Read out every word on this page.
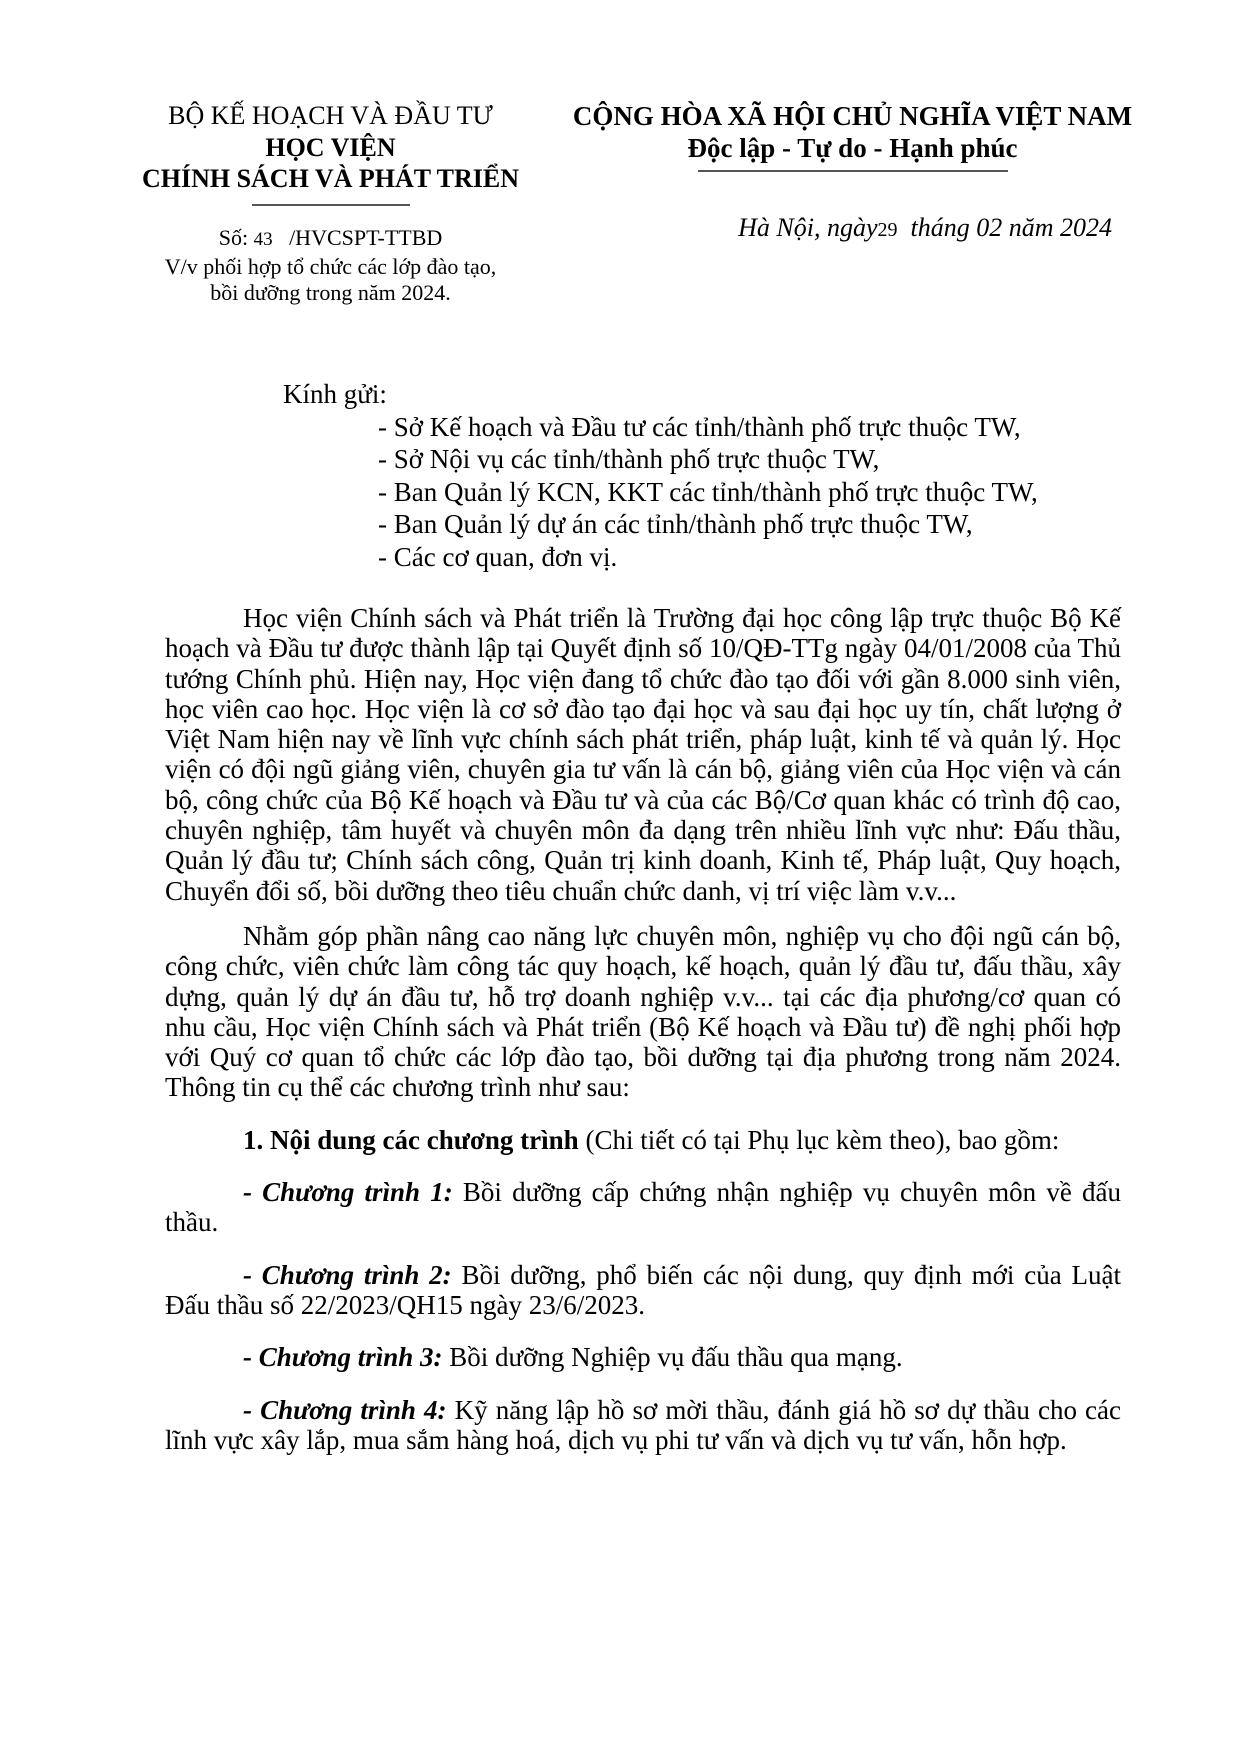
BỘ KẾ HOẠCH VÀ ĐẦU TƯ
HỌC VIỆN
CHÍNH SÁCH VÀ PHÁT TRIỂN
Số: 43 /HVCSPT-TTBD
V/v phối hợp tổ chức các lớp đào tạo,
bồi dưỡng trong năm 2024.
CỘNG HÒA XÃ HỘI CHỦ NGHĨA VIỆT NAM
Độc lập - Tự do - Hạnh phúc
Hà Nội, ngày29 tháng 02 năm 2024
Kính gửi:
- Sở Kế hoạch và Đầu tư các tỉnh/thành phố trực thuộc TW,
- Sở Nội vụ các tỉnh/thành phố trực thuộc TW,
- Ban Quản lý KCN, KKT các tỉnh/thành phố trực thuộc TW,
- Ban Quản lý dự án các tỉnh/thành phố trực thuộc TW,
- Các cơ quan, đơn vị.

Học viện Chính sách và Phát triển là Trường đại học công lập trực thuộc Bộ Kế hoạch và Đầu tư được thành lập tại Quyết định số 10/QĐ-TTg ngày 04/01/2008 của Thủ tướng Chính phủ. Hiện nay, Học viện đang tổ chức đào tạo đối với gần 8.000 sinh viên, học viên cao học. Học viện là cơ sở đào tạo đại học và sau đại học uy tín, chất lượng ở Việt Nam hiện nay về lĩnh vực chính sách phát triển, pháp luật, kinh tế và quản lý. Học viện có đội ngũ giảng viên, chuyên gia tư vấn là cán bộ, giảng viên của Học viện và cán bộ, công chức của Bộ Kế hoạch và Đầu tư và của các Bộ/Cơ quan khác có trình độ cao, chuyên nghiệp, tâm huyết và chuyên môn đa dạng trên nhiều lĩnh vực như: Đấu thầu, Quản lý đầu tư; Chính sách công, Quản trị kinh doanh, Kinh tế, Pháp luật, Quy hoạch, Chuyển đổi số, bồi dưỡng theo tiêu chuẩn chức danh, vị trí việc làm v.v...

Nhằm góp phần nâng cao năng lực chuyên môn, nghiệp vụ cho đội ngũ cán bộ, công chức, viên chức làm công tác quy hoạch, kế hoạch, quản lý đầu tư, đấu thầu, xây dựng, quản lý dự án đầu tư, hỗ trợ doanh nghiệp v.v... tại các địa phương/cơ quan có nhu cầu, Học viện Chính sách và Phát triển (Bộ Kế hoạch và Đầu tư) đề nghị phối hợp với Quý cơ quan tổ chức các lớp đào tạo, bồi dưỡng tại địa phương trong năm 2024. Thông tin cụ thể các chương trình như sau:

1. Nội dung các chương trình (Chi tiết có tại Phụ lục kèm theo), bao gồm:

- Chương trình 1: Bồi dưỡng cấp chứng nhận nghiệp vụ chuyên môn về đấu thầu.

- Chương trình 2: Bồi dưỡng, phổ biến các nội dung, quy định mới của Luật Đấu thầu số 22/2023/QH15 ngày 23/6/2023.

- Chương trình 3: Bồi dưỡng Nghiệp vụ đấu thầu qua mạng.

- Chương trình 4: Kỹ năng lập hồ sơ mời thầu, đánh giá hồ sơ dự thầu cho các lĩnh vực xây lắp, mua sắm hàng hoá, dịch vụ phi tư vấn và dịch vụ tư vấn, hỗn hợp.
